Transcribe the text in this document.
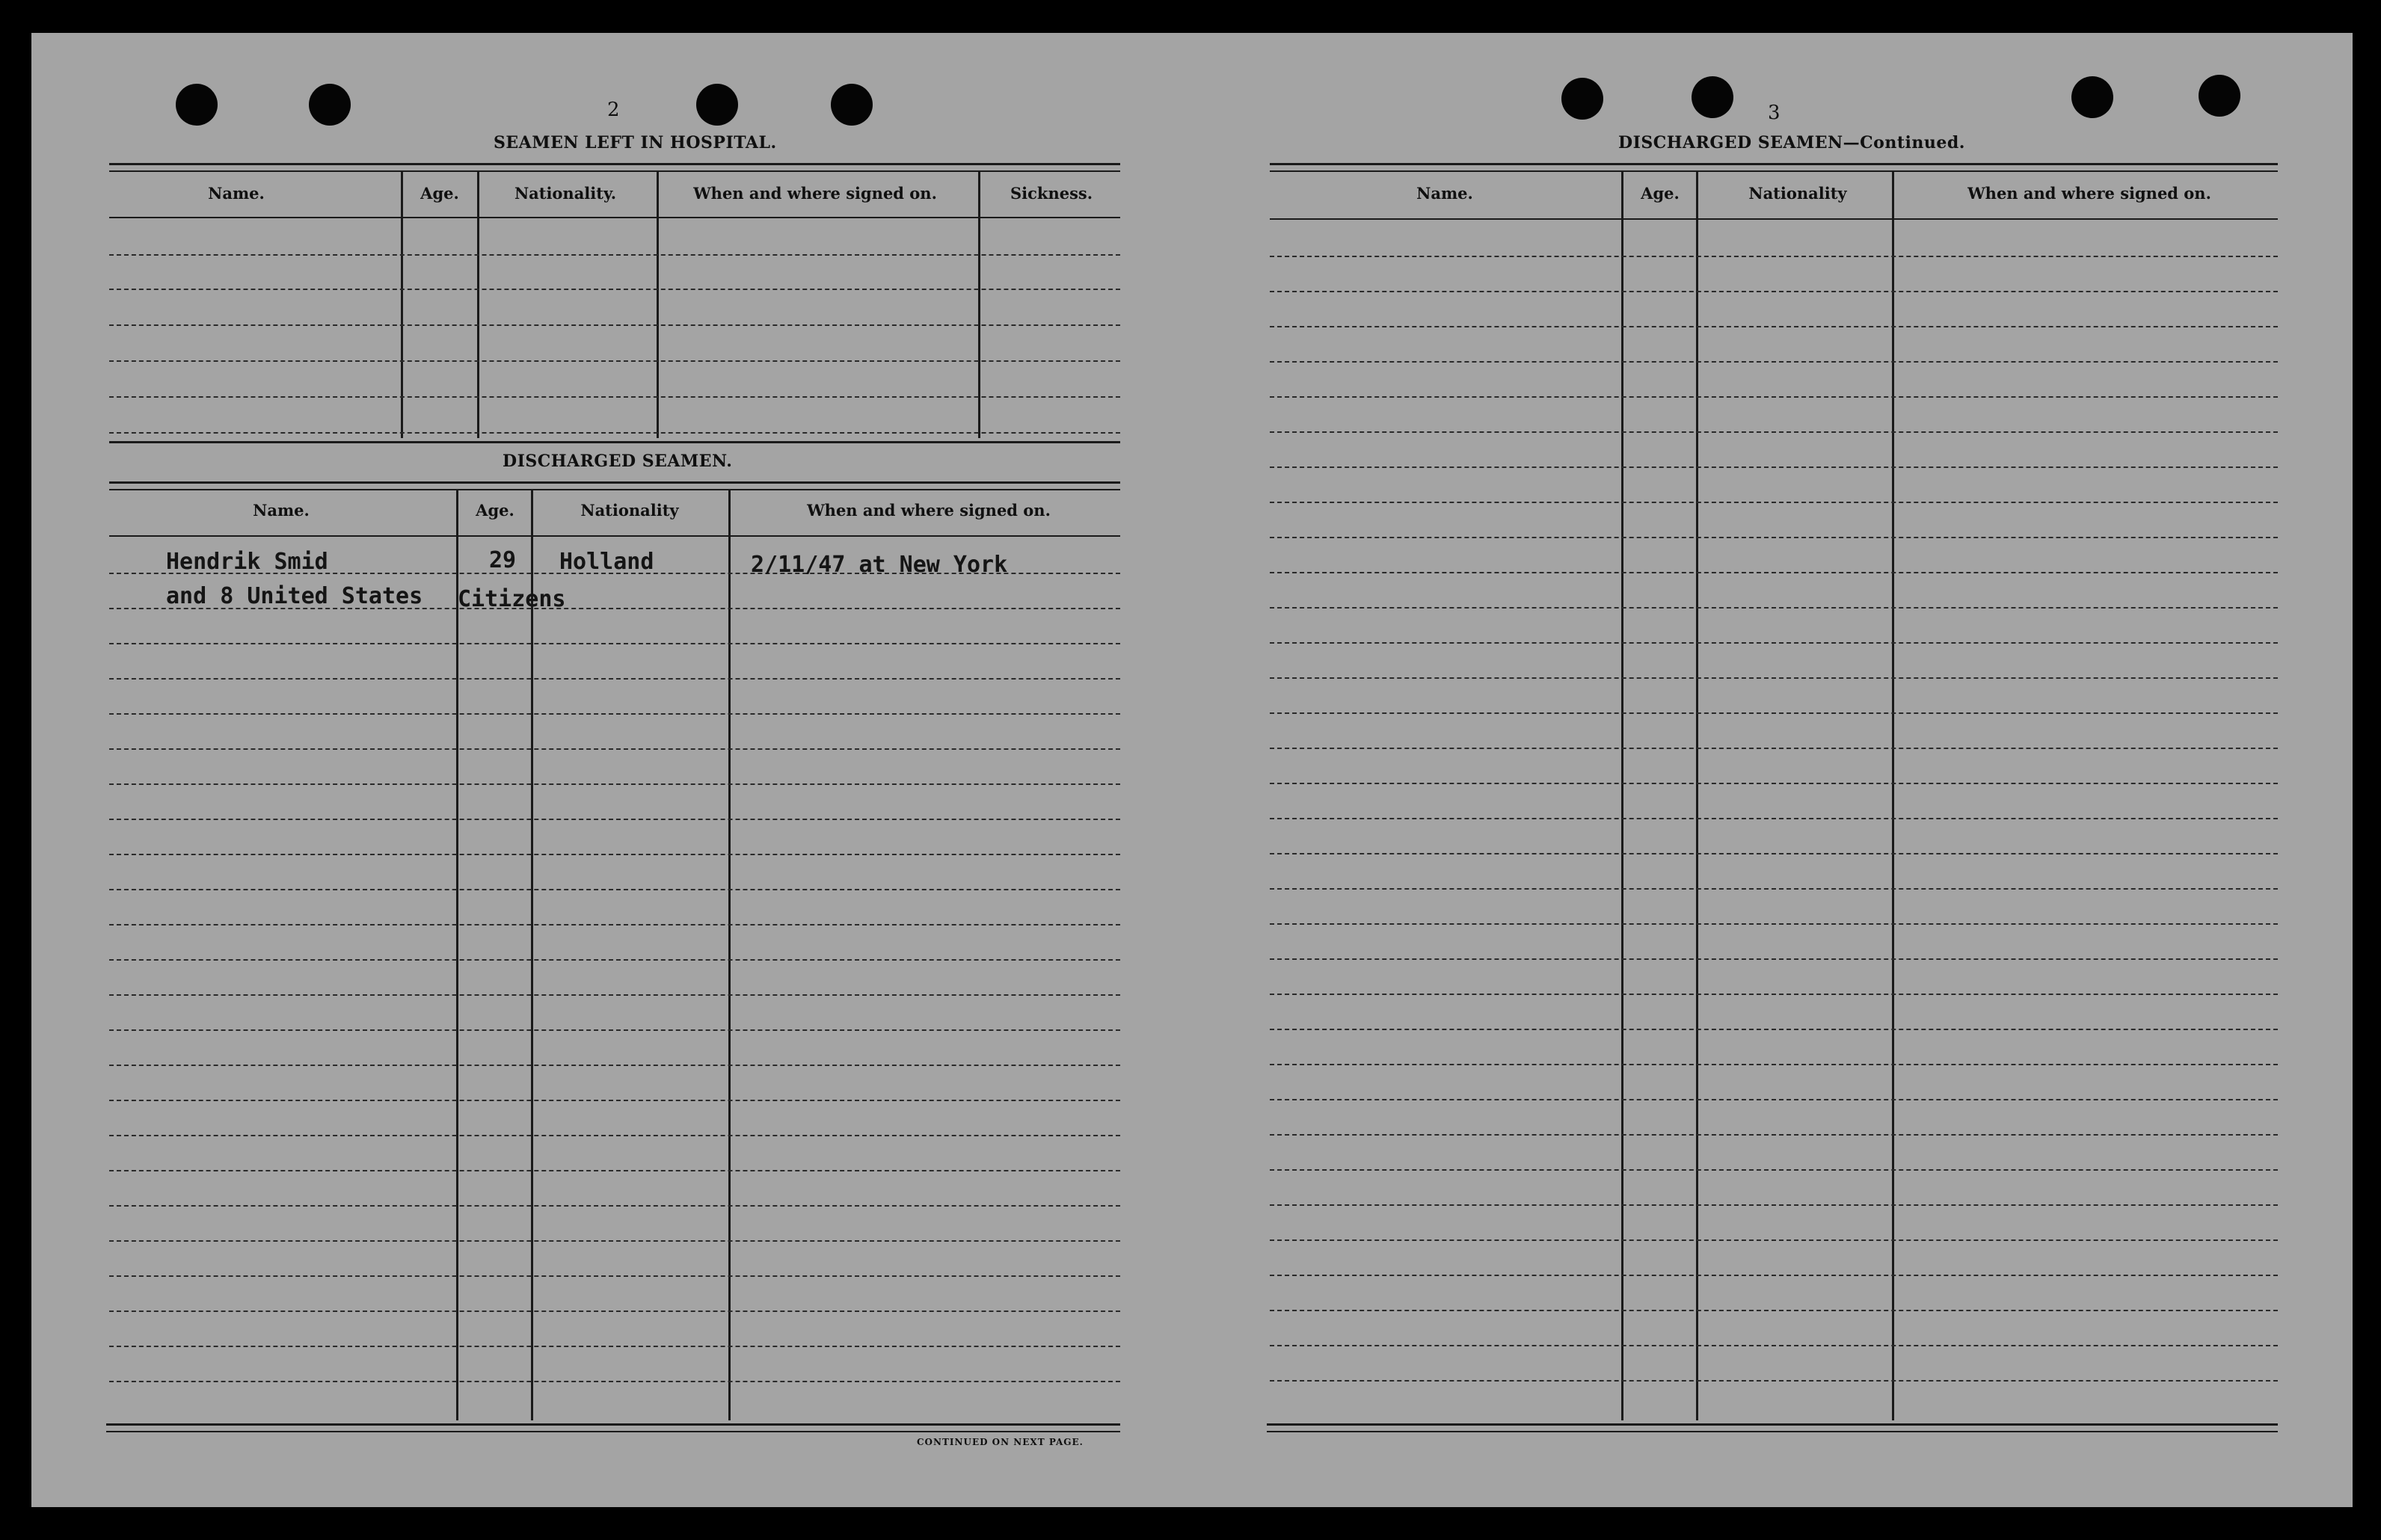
2
SEAMEN LEFT IN HOSPITAL.
Name.	Age.	Nationality.	When and where signed on.	Sickness.
DISCHARGED SEAMEN.
Name.	Age.	Nationality	When and where signed on.
Hendrik Smid	29 Holland	2/11/47 at New York
and 8 United States Citizens
CONTINUED ON NEXT PAGE.
3
DISCHARGED SEAMEN—Continued.
Name.	Age.	Nationality	When and where signed on.
